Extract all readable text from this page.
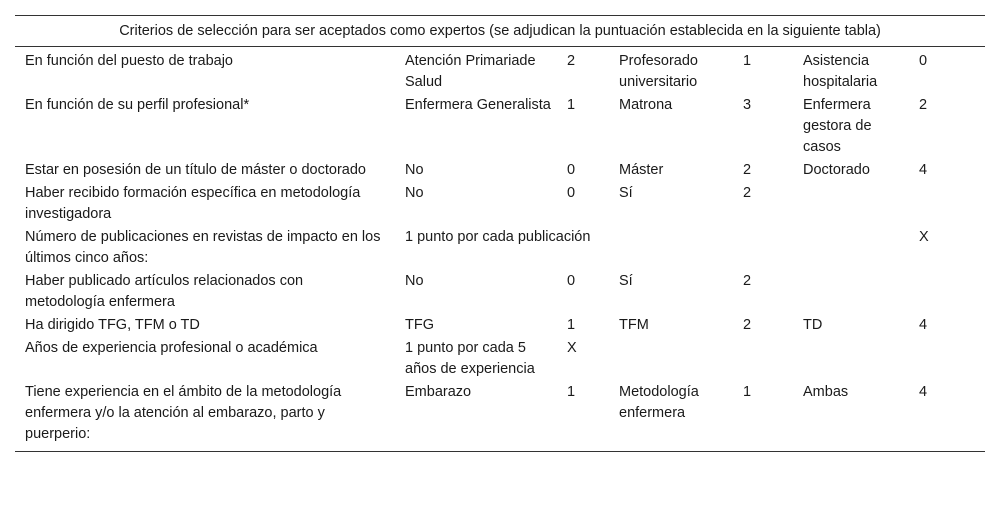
Criterios de selección para ser aceptados como expertos (se adjudican la puntuación establecida en la siguiente tabla)						
En función del puesto de trabajo	Atención Primariade Salud	2	Profesorado universitario	1	Asistencia hospitalaria	0
En función de su perfil profesional*	Enfermera Generalista	1	Matrona	3	Enfermera gestora de casos	2
Estar en posesión de un título de máster o doctorado	No	0	Máster	2	Doctorado	4
Haber recibido formación específica en metodología investigadora	No	0	Sí	2		
Número de publicaciones en revistas de impacto en los últimos cinco años:	1 punto por cada publicación					X
Haber publicado artículos relacionados con metodología enfermera	No	0	Sí	2		
Ha dirigido TFG, TFM o TD	TFG	1	TFM	2	TD	4
Años de experiencia profesional o académica	1 punto por cada 5 años de experiencia	X				
Tiene experiencia en el ámbito de la metodología enfermera y/o la atención al embarazo, parto y puerperio:	Embarazo	1	Metodología enfermera	1	Ambas	4
